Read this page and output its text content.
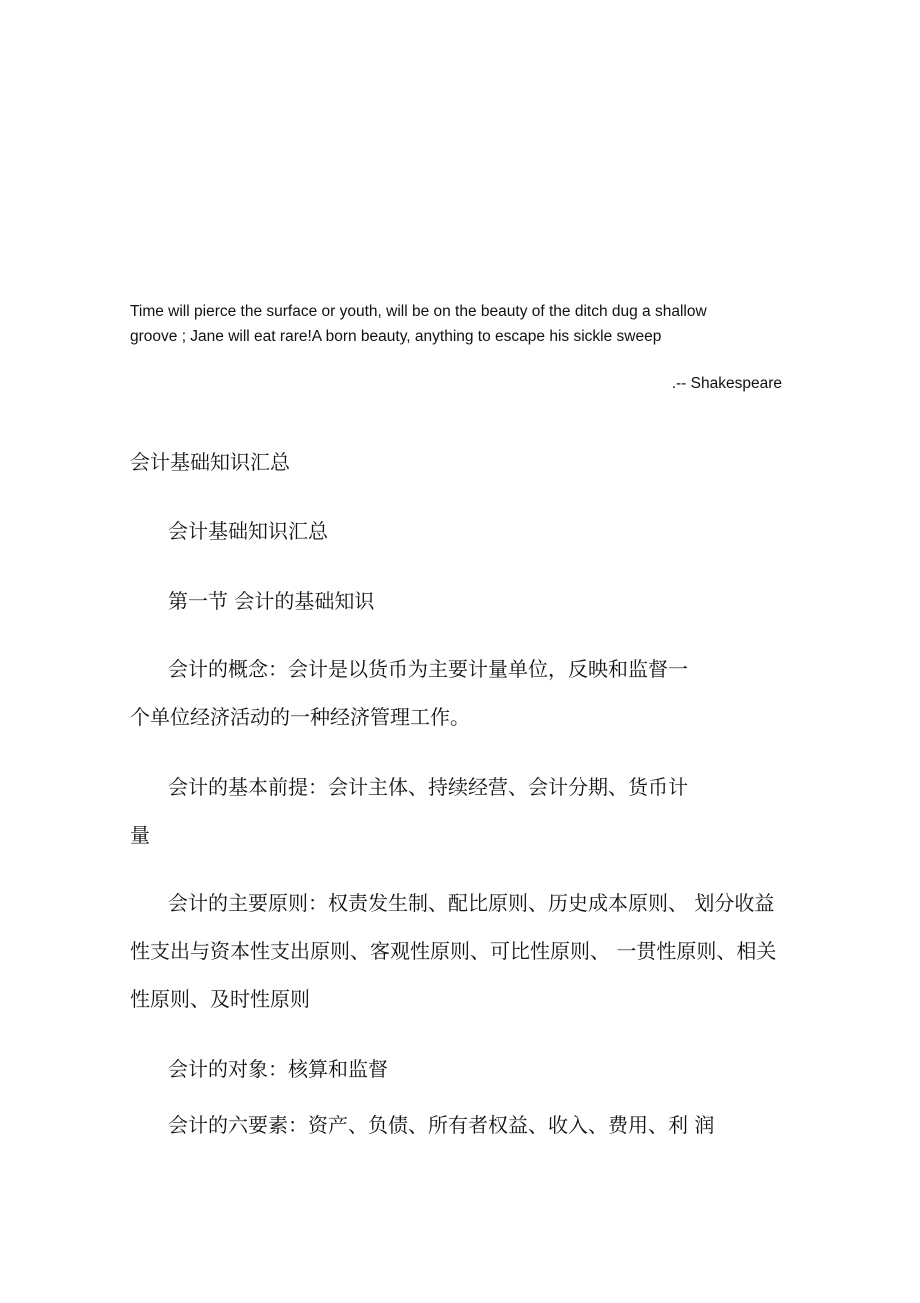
Time will pierce the surface or youth, will be on the beauty of the ditch dug a shallow

groove ; Jane will eat rare!A born beauty, anything to escape his sickle sweep

.-- Shakespeare
会计基础知识汇总
会计基础知识汇总
第一节 会计的基础知识

会计的概念：会计是以货币为主要计量单位，反映和监督一

个单位经济活动的一种经济管理工作。

会计的基本前提：会计主体、持续经营、会计分期、货币计

量

会计的主要原则：权责发生制、配比原则、历史成本原则、 划分收益

性支出与资本性支出原则、客观性原则、可比性原则、 一贯性原则、相关

性原则、及时性原则

会计的对象：核算和监督
会计的六要素：资产、负债、所有者权益、收入、费用、利 润
